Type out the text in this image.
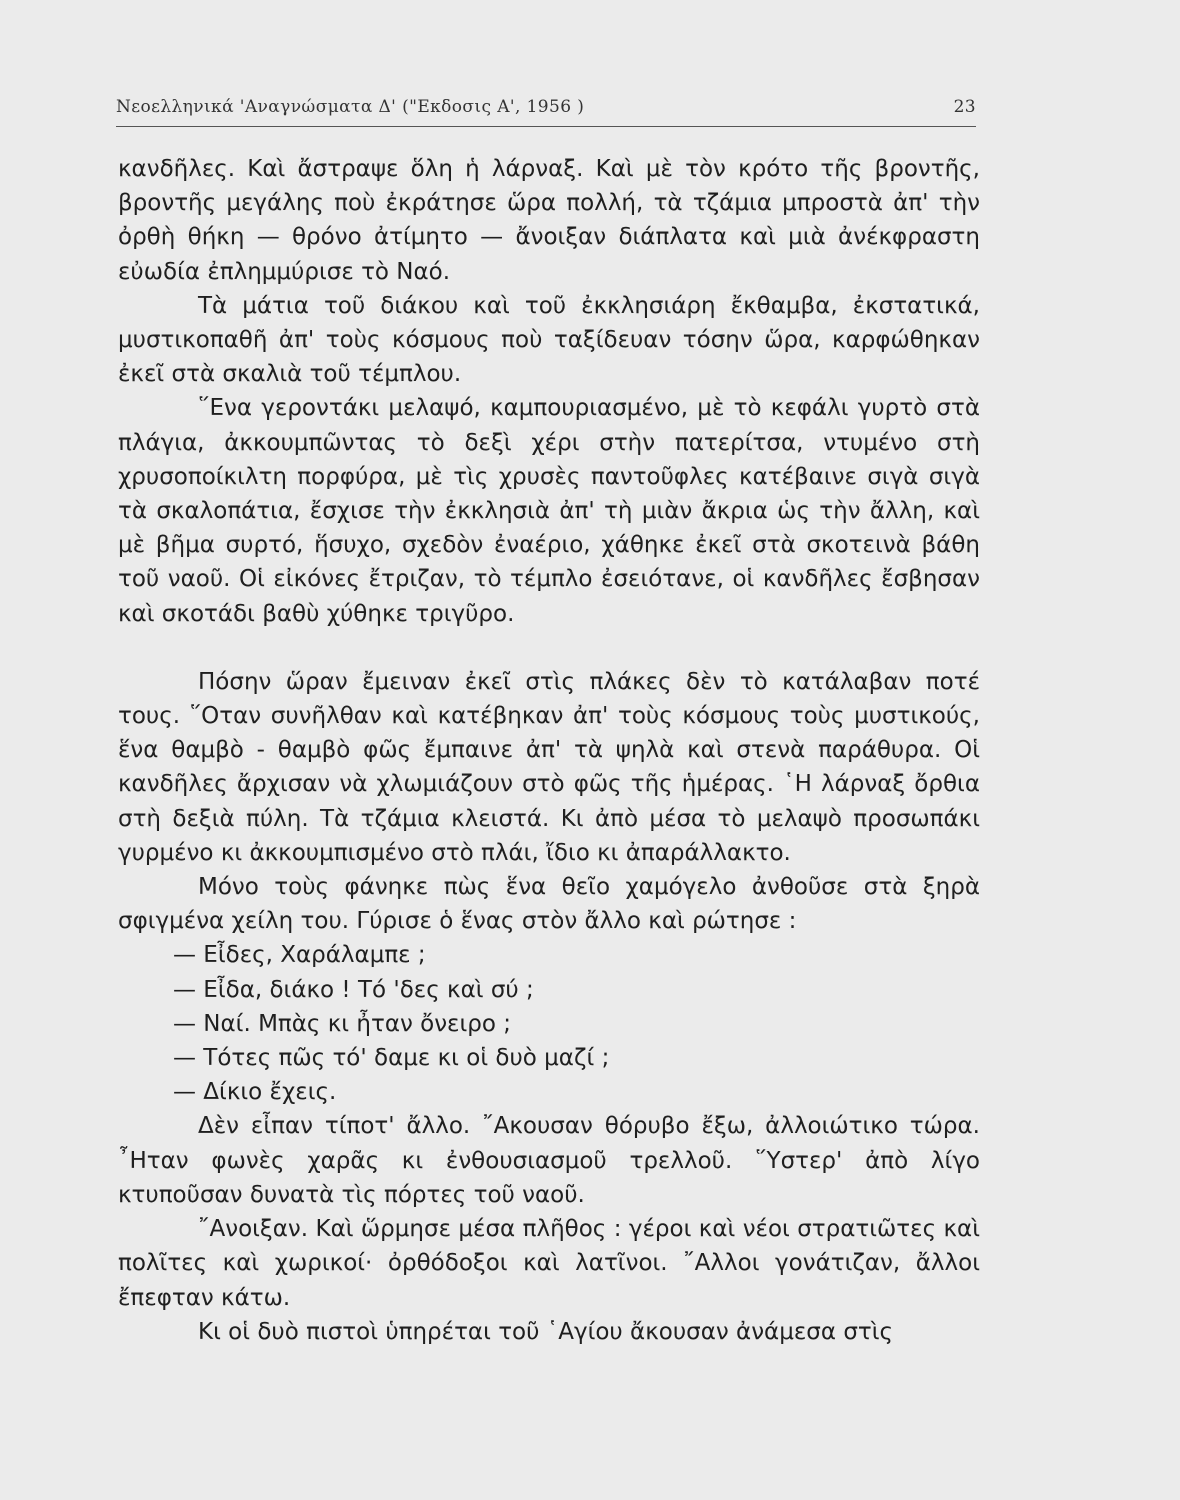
Νεοελληνικά 'Αναγνώσματα Δ' ("Εκδοσις Α', 1956 )	23

κανδῆλες. Καὶ ἄστραψε ὅλη ἡ λάρναξ. Καὶ μὲ τὸν κρότο τῆς βροντῆς, βροντῆς μεγάλης ποὺ ἐκράτησε ὥρα πολλή, τὰ τζάμια μπροστὰ ἀπ' τὴν ὀρθὴ θήκη — θρόνο ἀτίμητο — ἄνοιξαν διάπλατα καὶ μιὰ ἀνέκφραστη εὐωδία ἐπλημμύρισε τὸ Ναό.

Τὰ μάτια τοῦ διάκου καὶ τοῦ ἐκκλησιάρη ἔκθαμβα, ἐκστατικά, μυστικοπαθῆ ἀπ' τοὺς κόσμους ποὺ ταξίδευαν τόσην ὥρα, καρφώθηκαν ἐκεῖ στὰ σκαλιὰ τοῦ τέμπλου.

῞Ενα γεροντάκι μελαψό, καμπουριασμένο, μὲ τὸ κεφάλι γυρτὸ στὰ πλάγια, ἀκκουμπῶντας τὸ δεξὶ χέρι στὴν πατερίτσα, ντυμένο στὴ χρυσοποίκιλτη πορφύρα, μὲ τὶς χρυσὲς παντοῦφλες κατέβαινε σιγὰ σιγὰ τὰ σκαλοπάτια, ἔσχισε τὴν ἐκκλησιὰ ἀπ' τὴ μιὰν ἄκρια ὡς τὴν ἄλλη, καὶ μὲ βῆμα συρτό, ἥσυχο, σχεδὸν ἐναέριο, χάθηκε ἐκεῖ στὰ σκοτεινὰ βάθη τοῦ ναοῦ. Οἱ εἰκόνες ἔτριζαν, τὸ τέμπλο ἐσειότανε, οἱ κανδῆλες ἔσβησαν καὶ σκοτάδι βαθὺ χύθηκε τριγῦρο.

Πόσην ὥραν ἔμειναν ἐκεῖ στὶς πλάκες δὲν τὸ κατάλαβαν ποτέ τους. ῞Οταν συνῆλθαν καὶ κατέβηκαν ἀπ' τοὺς κόσμους τοὺς μυστικούς, ἕνα θαμβὸ - θαμβὸ φῶς ἔμπαινε ἀπ' τὰ ψηλὰ καὶ στενὰ παράθυρα. Οἱ κανδῆλες ἄρχισαν νὰ χλωμιάζουν στὸ φῶς τῆς ἡμέρας. ῾Η λάρναξ ὄρθια στὴ δεξιὰ πύλη. Τὰ τζάμια κλειστά. Κι ἀπὸ μέσα τὸ μελαψὸ προσωπάκι γυρμένο κι ἀκκουμπισμένο στὸ πλάι, ἴδιο κι ἀπαράλλακτο.

Μόνο τοὺς φάνηκε πὼς ἕνα θεῖο χαμόγελο ἀνθοῦσε στὰ ξηρὰ σφιγμένα χείλη του. Γύρισε ὁ ἕνας στὸν ἄλλο καὶ ρώτησε :

— Εἶδες, Χαράλαμπε ;

— Εἶδα, διάκο ! Τό 'δες καὶ σύ ;

— Ναί. Μπὰς κι ἦταν ὄνειρο ;

— Τότες πῶς τό' δαμε κι οἱ δυὸ μαζί ;

— Δίκιο ἔχεις.

Δὲν εἶπαν τίποτ' ἄλλο. ῎Ακουσαν θόρυβο ἔξω, ἀλλοιώτικο τώρα. ῏Ηταν φωνὲς χαρᾶς κι ἐνθουσιασμοῦ τρελλοῦ. ῞Υστερ' ἀπὸ λίγο κτυποῦσαν δυνατὰ τὶς πόρτες τοῦ ναοῦ.

῎Ανοιξαν. Καὶ ὥρμησε μέσα πλῆθος : γέροι καὶ νέοι στρατιῶτες καὶ πολῖτες καὶ χωρικοί· ὀρθόδοξοι καὶ λατῖνοι. ῎Αλλοι γονάτιζαν, ἄλλοι ἔπεφταν κάτω.

Κι οἱ δυὸ πιστοὶ ὑπηρέται τοῦ ῾Αγίου ἄκουσαν ἀνάμεσα στὶς
